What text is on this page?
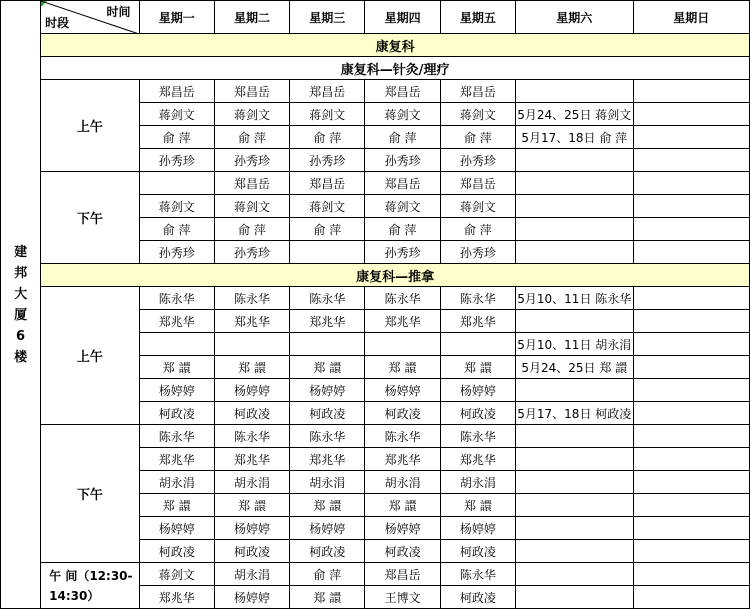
建邦大厦6楼	时间
时段	星期一	星期二	星期三	星期四	星期五	星期六	星期日
	康复科							
	康复科—针灸/理疗							
	上午	郑昌岳	郑昌岳	郑昌岳	郑昌岳	郑昌岳		
		蒋剑文	蒋剑文	蒋剑文	蒋剑文	蒋剑文	5月24、25日 蒋剑文	
		俞 萍	俞 萍	俞 萍	俞 萍	俞 萍	5月17、18日 俞 萍	
		孙秀珍	孙秀珍	孙秀珍	孙秀珍	孙秀珍		
	下午		郑昌岳	郑昌岳	郑昌岳	郑昌岳		
		蒋剑文	蒋剑文	蒋剑文	蒋剑文	蒋剑文		
		俞 萍	俞 萍	俞 萍	俞 萍	俞 萍		
		孙秀珍	孙秀珍		孙秀珍	孙秀珍		
	康复科—推拿							
	上午	陈永华	陈永华	陈永华	陈永华	陈永华	5月10、11日 陈永华	
		郑兆华	郑兆华	郑兆华	郑兆华	郑兆华		
							5月10、11日 胡永涓	
		郑 譞	郑 譞	郑 譞	郑 譞	郑 譞	5月24、25日 郑 譞	
		杨婷婷	杨婷婷	杨婷婷	杨婷婷	杨婷婷		
		柯政凌	柯政凌	柯政凌	柯政凌	柯政凌	5月17、18日 柯政凌	
	下午	陈永华	陈永华	陈永华	陈永华	陈永华		
		郑兆华	郑兆华	郑兆华	郑兆华	郑兆华		
		胡永涓	胡永涓	胡永涓	胡永涓	胡永涓		
		郑 譞	郑 譞	郑 譞	郑 譞	郑 譞		
		杨婷婷	杨婷婷	杨婷婷	杨婷婷	杨婷婷		
		柯政凌	柯政凌	柯政凌	柯政凌	柯政凌		
	午 间（12:30-14:30）	蒋剑文	胡永涓	俞 萍	郑昌岳	陈永华		
		郑兆华	杨婷婷	郑 譞	王博文	柯政凌		
